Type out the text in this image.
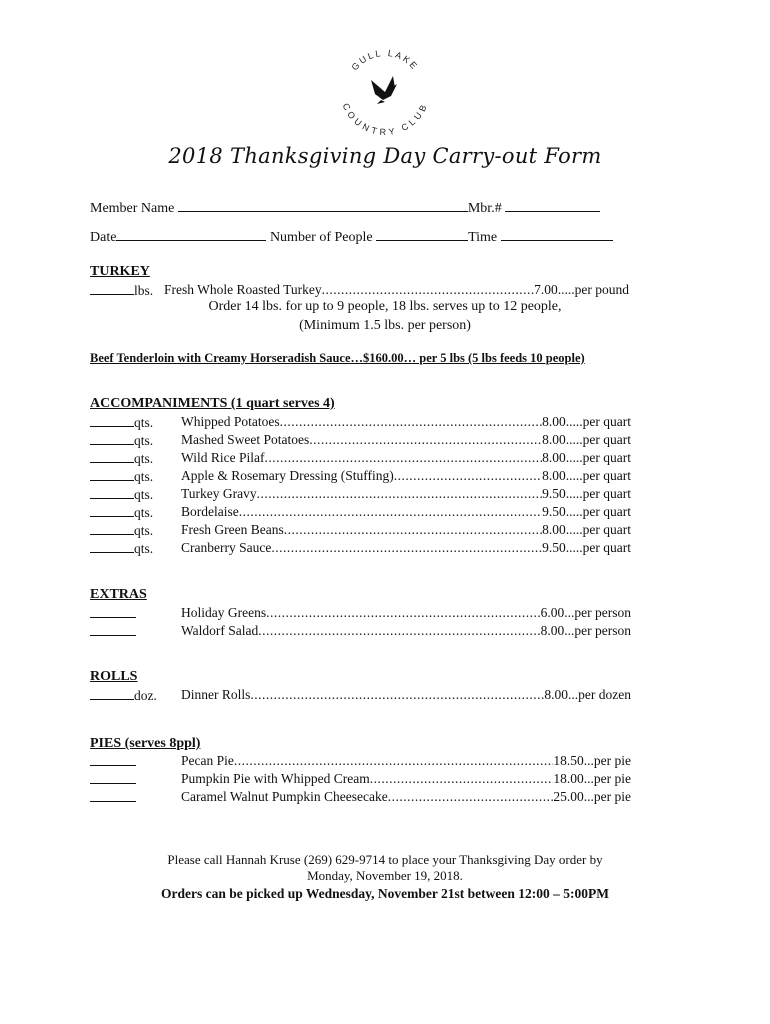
GULL LAKE
COUNTRY CLUB
2018 Thanksgiving Day Carry-out Form
Member Name	Mbr.#
Date	Number of People	Time
TURKEY
lbs. Fresh Whole Roasted Turkey .....	7.00.....per pound
Order 14 lbs. for up to 9 people, 18 lbs. serves up to 12 people,
(Minimum 1.5 lbs. per person)
Beef Tenderloin with Creamy Horseradish Sauce…$160.00… per 5 lbs (5 lbs feeds 10 people)
ACCOMPANIMENTS (1 quart serves 4)
qts. Whipped Potatoes .....	8.00.....per quart
qts. Mashed Sweet Potatoes .....	8.00.....per quart
qts. Wild Rice Pilaf .....	8.00.....per quart
qts. Apple & Rosemary Dressing (Stuffing) .....	8.00.....per quart
qts. Turkey Gravy .....	9.50.....per quart
qts. Bordelaise .....	9.50.....per quart
qts. Fresh Green Beans .....	8.00.....per quart
qts. Cranberry Sauce .....	9.50.....per quart
EXTRAS
Holiday Greens .....	6.00...per person
Waldorf Salad .....	8.00...per person
ROLLS
doz. Dinner Rolls .....	8.00...per dozen
PIES (serves 8ppl)
Pecan Pie .....	18.50...per pie
Pumpkin Pie with Whipped Cream .....	18.00...per pie
Caramel Walnut Pumpkin Cheesecake .....	25.00...per pie
Please call Hannah Kruse (269) 629-9714 to place your Thanksgiving Day order by
Monday, November 19, 2018.
Orders can be picked up Wednesday, November 21st between 12:00 – 5:00PM
